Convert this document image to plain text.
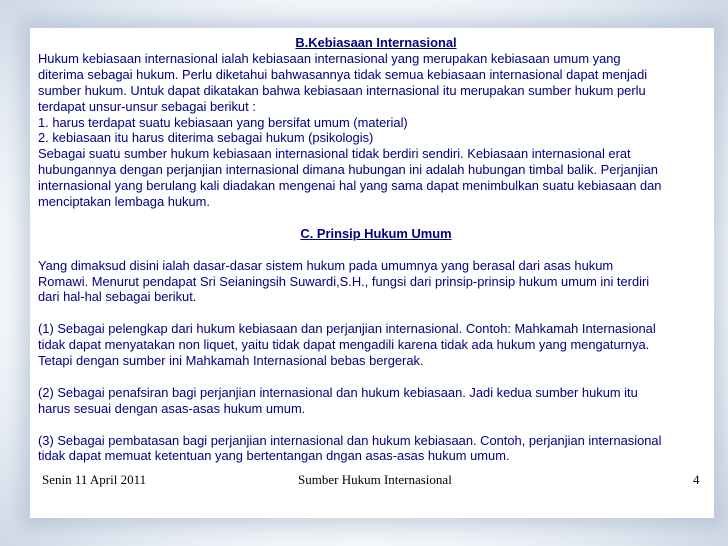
B.Kebiasaan Internasional
Hukum kebiasaan internasional ialah kebiasaan internasional yang merupakan kebiasaan umum yang
diterima sebagai hukum. Perlu diketahui bahwasannya tidak semua kebiasaan internasional dapat menjadi
sumber hukum. Untuk dapat dikatakan bahwa kebiasaan internasional itu merupakan sumber hukum perlu
terdapat unsur-unsur sebagai berikut :
1. harus terdapat suatu kebiasaan yang bersifat umum (material)
2. kebiasaan itu harus diterima sebagai hukum (psikologis)
Sebagai suatu sumber hukum kebiasaan internasional tidak berdiri sendiri. Kebiasaan internasional erat
hubungannya dengan perjanjian internasional dimana hubungan ini adalah hubungan timbal balik. Perjanjian
internasional yang berulang kali diadakan mengenai hal yang sama dapat menimbulkan suatu kebiasaan dan
menciptakan lembaga hukum.
C. Prinsip Hukum Umum
Yang dimaksud disini ialah dasar-dasar sistem hukum pada umumnya yang berasal dari asas hukum
Romawi. Menurut pendapat Sri Seianingsih Suwardi,S.H., fungsi dari prinsip-prinsip hukum umum ini terdiri
dari hal-hal sebagai berikut.
(1) Sebagai pelengkap dari hukum kebiasaan dan perjanjian internasional. Contoh: Mahkamah Internasional
tidak dapat menyatakan non liquet, yaitu tidak dapat mengadili karena tidak ada hukum yang mengaturnya.
Tetapi dengan sumber ini Mahkamah Internasional bebas bergerak.
(2) Sebagai penafsiran bagi perjanjian internasional dan hukum kebiasaan. Jadi kedua sumber hukum itu
harus sesuai dengan asas-asas hukum umum.
(3) Sebagai pembatasan bagi perjanjian internasional dan hukum kebiasaan. Contoh, perjanjian internasional
tidak dapat memuat ketentuan yang bertentangan dngan asas-asas hukum umum.
Senin 11 April 2011	Sumber Hukum Internasional	4
